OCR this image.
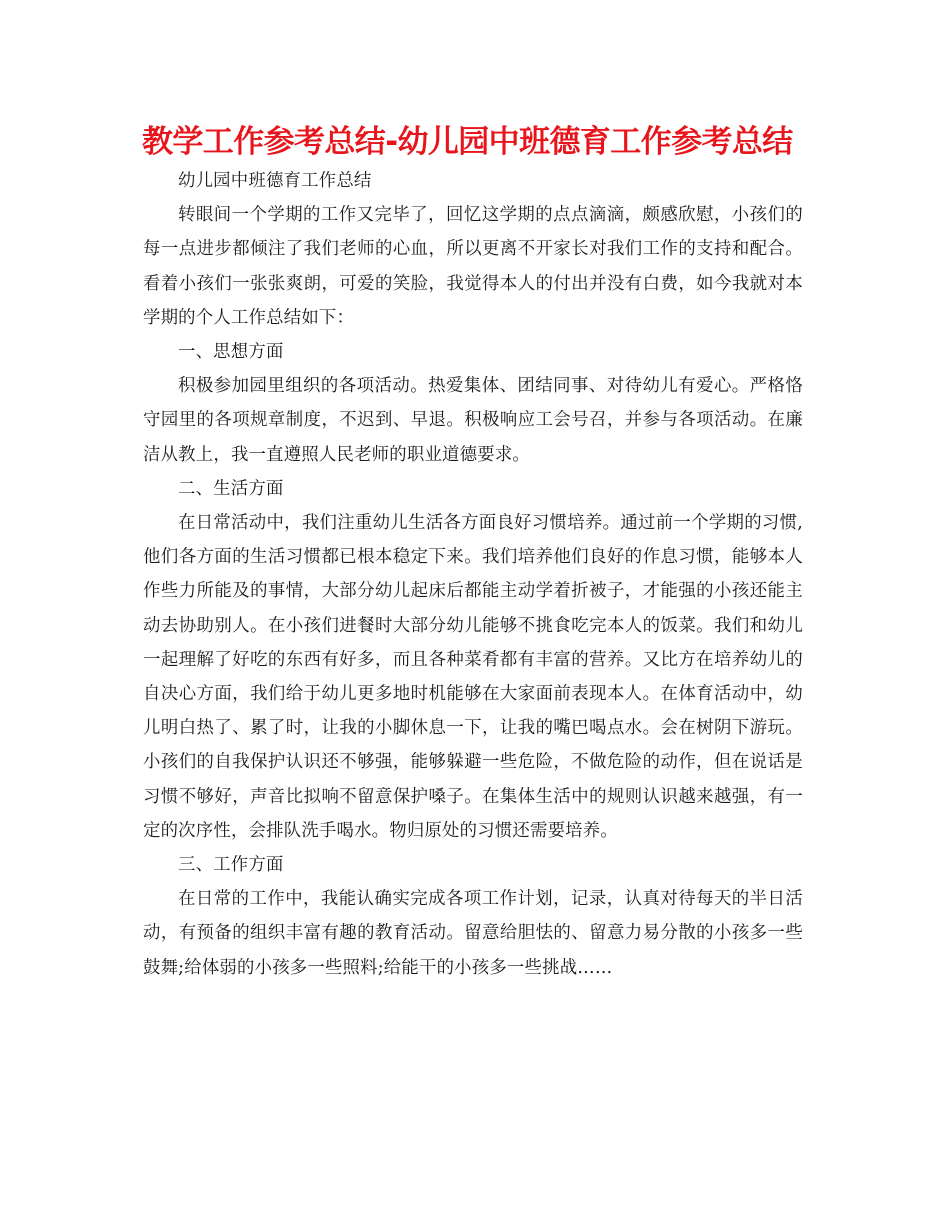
教学工作参考总结-幼儿园中班德育工作参考总结

幼儿园中班德育工作总结

转眼间一个学期的工作又完毕了，回忆这学期的点点滴滴，颇感欣慰，小孩们的每一点进步都倾注了我们老师的心血，所以更离不开家长对我们工作的支持和配合。看着小孩们一张张爽朗，可爱的笑脸，我觉得本人的付出并没有白费，如今我就对本学期的个人工作总结如下：

一、思想方面

积极参加园里组织的各项活动。热爱集体、团结同事、对待幼儿有爱心。严格恪守园里的各项规章制度，不迟到、早退。积极响应工会号召，并参与各项活动。在廉洁从教上，我一直遵照人民老师的职业道德要求。

二、生活方面

在日常活动中，我们注重幼儿生活各方面良好习惯培养。通过前一个学期的习惯,他们各方面的生活习惯都已根本稳定下来。我们培养他们良好的作息习惯，能够本人作些力所能及的事情，大部分幼儿起床后都能主动学着折被子，才能强的小孩还能主动去协助别人。在小孩们进餐时大部分幼儿能够不挑食吃完本人的饭菜。我们和幼儿一起理解了好吃的东西有好多，而且各种菜肴都有丰富的营养。又比方在培养幼儿的自决心方面，我们给于幼儿更多地时机能够在大家面前表现本人。在体育活动中，幼儿明白热了、累了时，让我的小脚休息一下，让我的嘴巴喝点水。会在树阴下游玩。小孩们的自我保护认识还不够强，能够躲避一些危险，不做危险的动作，但在说话是习惯不够好，声音比拟响不留意保护嗓子。在集体生活中的规则认识越来越强，有一定的次序性，会排队洗手喝水。物归原处的习惯还需要培养。

三、工作方面

在日常的工作中，我能认确实完成各项工作计划，记录，认真对待每天的半日活动，有预备的组织丰富有趣的教育活动。留意给胆怯的、留意力易分散的小孩多一些鼓舞;给体弱的小孩多一些照料;给能干的小孩多一些挑战……
